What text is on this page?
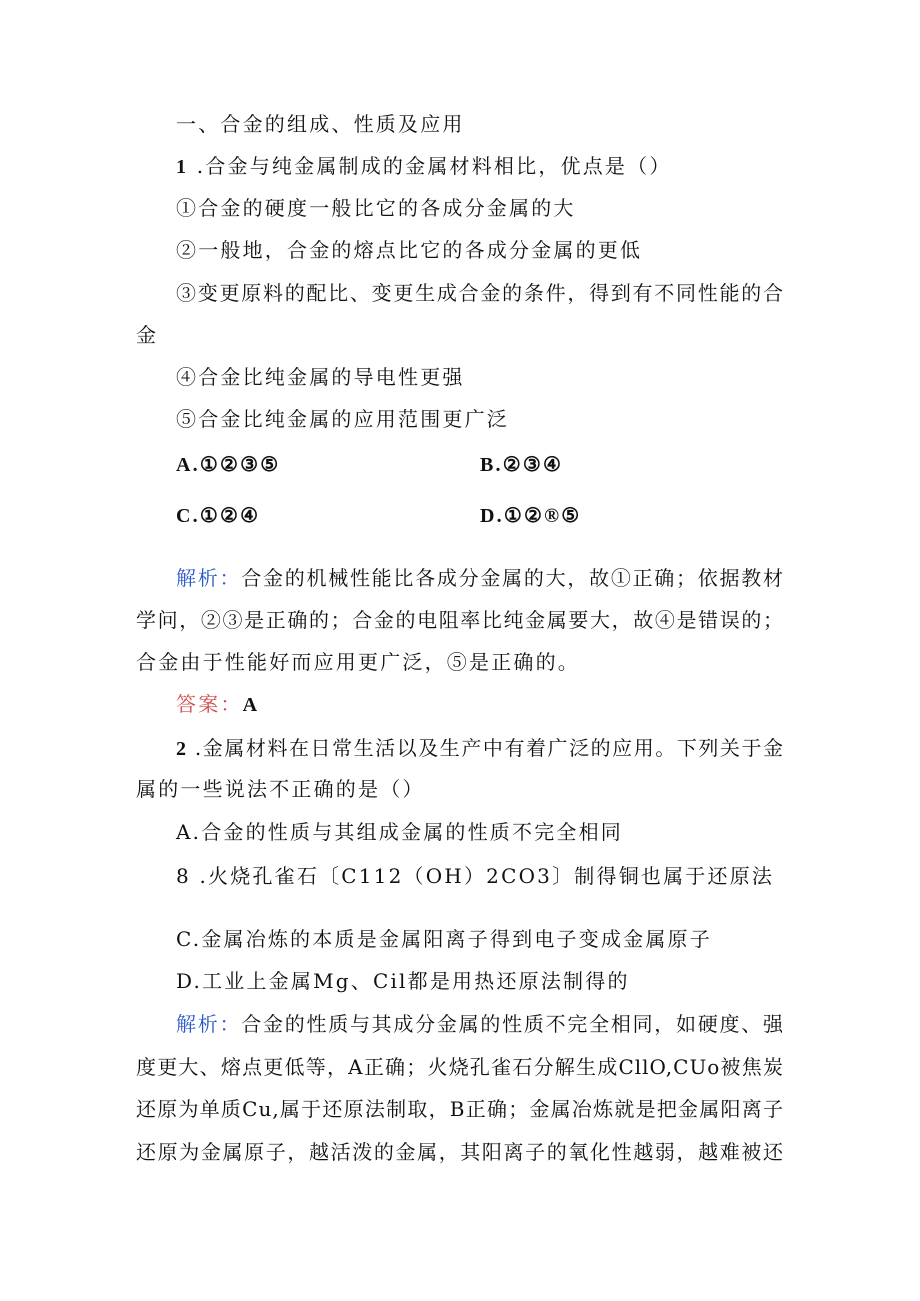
一、合金的组成、性质及应用
1 .合金与纯金属制成的金属材料相比，优点是（）
①合金的硬度一般比它的各成分金属的大
②一般地，合金的熔点比它的各成分金属的更低
③变更原料的配比、变更生成合金的条件，得到有不同性能的合
金
④合金比纯金属的导电性更强
⑤合金比纯金属的应用范围更广泛
A.①②③⑤	B.②③④
C.①②④	D.①②®⑤
解析：合金的机械性能比各成分金属的大，故①正确；依据教材
学问，②③是正确的；合金的电阻率比纯金属要大，故④是错误的；
合金由于性能好而应用更广泛，⑤是正确的。
答案：A
2 .金属材料在日常生活以及生产中有着广泛的应用。下列关于金
属的一些说法不正确的是（）
A.合金的性质与其组成金属的性质不完全相同
8 .火烧孔雀石〔C112（OH）2CO3〕制得铜也属于还原法
C.金属冶炼的本质是金属阳离子得到电子变成金属原子
D.工业上金属Mg、Cil都是用热还原法制得的
解析：合金的性质与其成分金属的性质不完全相同，如硬度、强
度更大、熔点更低等，A正确；火烧孔雀石分解生成CllO,CUo被焦炭
还原为单质Cu,属于还原法制取，B正确；金属冶炼就是把金属阳离子
还原为金属原子，越活泼的金属，其阳离子的氧化性越弱，越难被还
